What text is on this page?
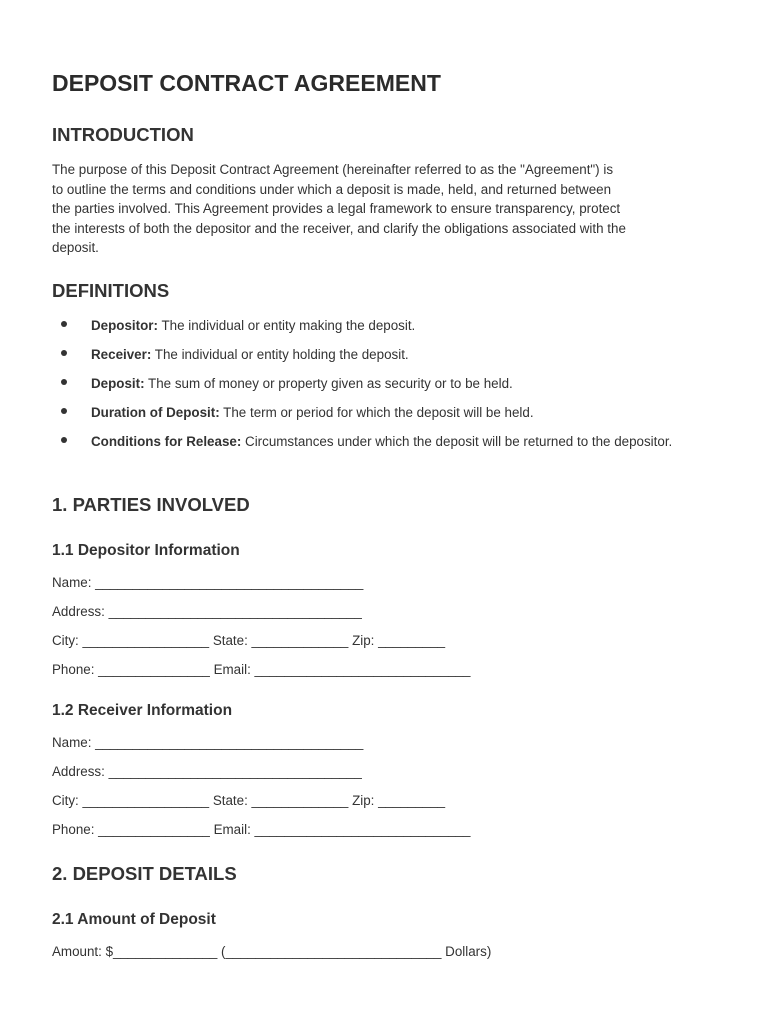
DEPOSIT CONTRACT AGREEMENT
INTRODUCTION
The purpose of this Deposit Contract Agreement (hereinafter referred to as the "Agreement") is
to outline the terms and conditions under which a deposit is made, held, and returned between
the parties involved. This Agreement provides a legal framework to ensure transparency, protect
the interests of both the depositor and the receiver, and clarify the obligations associated with the
deposit.
DEFINITIONS
Depositor: The individual or entity making the deposit.
Receiver: The individual or entity holding the deposit.
Deposit: The sum of money or property given as security or to be held.
Duration of Deposit: The term or period for which the deposit will be held.
Conditions for Release: Circumstances under which the deposit will be returned to the depositor.
1. PARTIES INVOLVED
1.1 Depositor Information

Name: ____________________________________

Address: __________________________________

City: _________________ State: _____________ Zip: _________

Phone: _______________ Email: _____________________________

1.2 Receiver Information

Name: ____________________________________

Address: __________________________________

City: _________________ State: _____________ Zip: _________

Phone: _______________ Email: _____________________________

2. DEPOSIT DETAILS
2.1 Amount of Deposit

Amount: $______________ (_____________________________ Dollars)
